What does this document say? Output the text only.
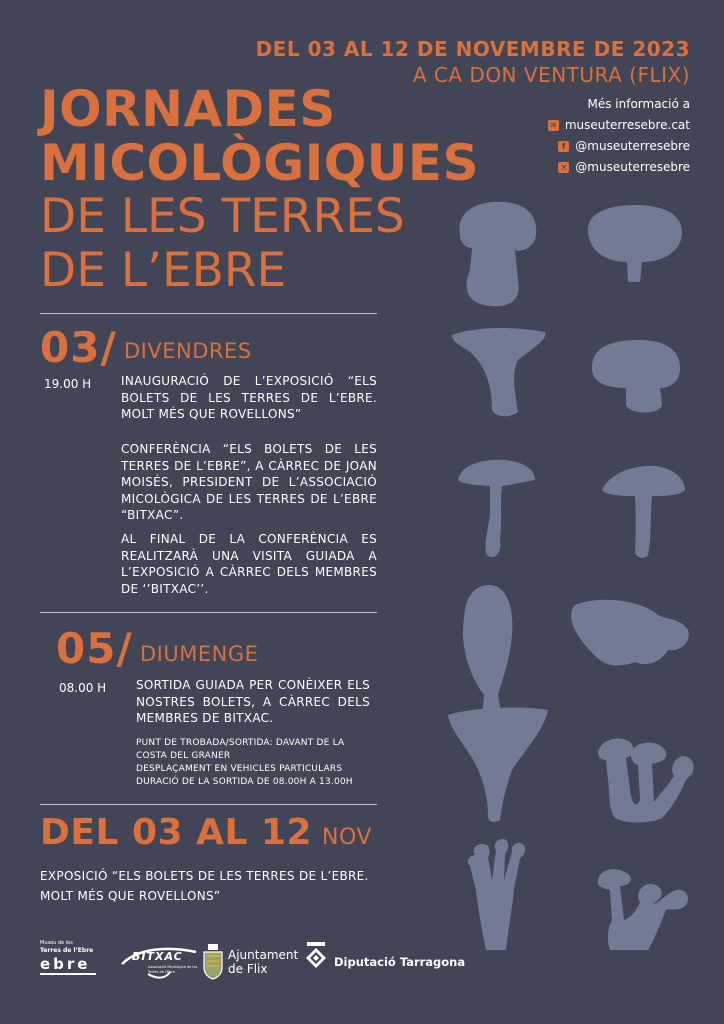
DEL 03 AL 12 DE NOVEMBRE DE 2023
A CA DON VENTURA (FLIX)
JORNADES
MICOLÒGIQUES
DE LES TERRES
DE L’EBRE
Més informació a
✉ museuterresebre.cat
f @museuterresebre
✕ @museuterresebre
03/ DIVENDRES
19.00 H INAUGURACIÓ DE L’EXPOSICIÓ “ELS BOLETS DE LES TERRES DE L’EBRE. MOLT MÉS QUE ROVELLONS”
CONFERÈNCIA “ELS BOLETS DE LES TERRES DE L’EBRE”, A CÀRREC DE JOAN MOISÉS, PRESIDENT DE L’ASSOCIACIÓ MICOLÒGICA DE LES TERRES DE L’EBRE “BITXAC”.
AL FINAL DE LA CONFERÈNCIA ES REALITZARÀ UNA VISITA GUIADA A L’EXPOSICIÓ A CÀRREC DELS MEMBRES DE ‘’BITXAC’’.
05/ DIUMENGE
08.00 H SORTIDA GUIADA PER CONÈIXER ELS NOSTRES BOLETS, A CÀRREC DELS MEMBRES DE BITXAC.
PUNT DE TROBADA/SORTIDA: DAVANT DE LA COSTA DEL GRANER
DESPLAÇAMENT EN VEHICLES PARTICULARS
DURACIÓ DE LA SORTIDA DE 08.00H A 13.00H
DEL 03 AL 12 NOV
EXPOSICIÓ “ELS BOLETS DE LES TERRES DE L’EBRE.
MOLT MÉS QUE ROVELLONS”
Museu de les
Terres de l’Ebre
ebre	BITXAC
Associació Micològica de les Terres de l'Ebre
Ajuntament
de Flix	Diputació Tarragona
